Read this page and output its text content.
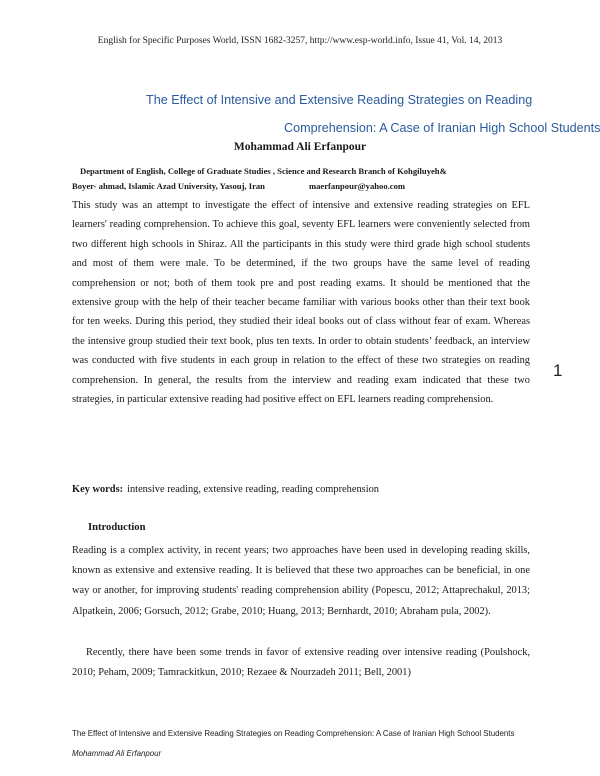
English for Specific Purposes World, ISSN 1682-3257, http://www.esp-world.info, Issue 41, Vol. 14, 2013
The Effect of Intensive and Extensive Reading Strategies on Reading
Comprehension: A Case of Iranian High School Students
Mohammad Ali Erfanpour
Department of English, College of Graduate Studies , Science and Research Branch of Kohgiluyeh&
Boyer- ahmad, Islamic Azad University, Yasouj, Iran	maerfanpour@yahoo.com

This study was an attempt to investigate the effect of intensive and extensive reading strategies on EFL learners' reading comprehension. To achieve this goal, seventy EFL learners were conveniently selected from two different high schools in Shiraz. All the participants in this study were third grade high school students and most of them were male. To be determined, if the two groups have the same level of reading comprehension or not; both of them took pre and post reading exams. It should be mentioned that the extensive group with the help of their teacher became familiar with various books other than their text book for ten weeks. During this period, they studied their ideal books out of class without fear of exam. Whereas the intensive group studied their text book, plus ten texts. In order to obtain students’ feedback, an interview was conducted with five students in each group in relation to the effect of these two strategies on reading comprehension. In general, the results from the interview and reading exam indicated that these two strategies, in particular extensive reading had positive effect on EFL learners reading comprehension.

1
Key words: intensive reading, extensive reading, reading comprehension
Introduction

Reading is a complex activity, in recent years; two approaches have been used in developing reading skills, known as extensive and extensive reading. It is believed that these two approaches can be beneficial, in one way or another, for improving students' reading comprehension ability (Popescu, 2012; Attaprechakul, 2013; Alpatkein, 2006; Gorsuch, 2012; Grabe, 2010; Huang, 2013; Bernhardt, 2010; Abraham pula, 2002).

Recently, there have been some trends in favor of extensive reading over intensive reading (Poulshock, 2010; Peham, 2009; Tamrackitkun, 2010; Rezaee & Nourzadeh 2011; Bell, 2001)

The Effect of Intensive and Extensive Reading Strategies on Reading Comprehension: A Case of Iranian High School Students
Mohammad Ali Erfanpour
